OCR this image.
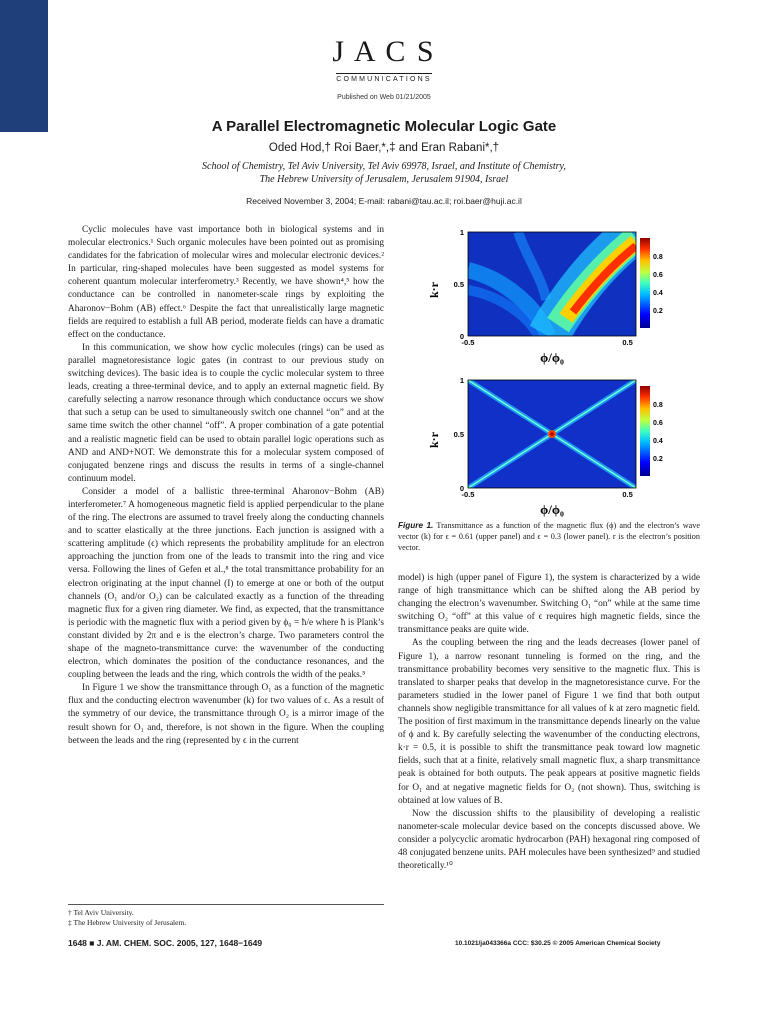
J A C S
COMMUNICATIONS
Published on Web 01/21/2005
A Parallel Electromagnetic Molecular Logic Gate
Oded Hod,† Roi Baer,*,‡ and Eran Rabani*,†
School of Chemistry, Tel Aviv University, Tel Aviv 69978, Israel, and Institute of Chemistry,
The Hebrew University of Jerusalem, Jerusalem 91904, Israel
Received November 3, 2004; E-mail: rabani@tau.ac.il; roi.baer@huji.ac.il

Cyclic molecules have vast importance both in biological systems and in molecular electronics.¹ Such organic molecules have been pointed out as promising candidates for the fabrication of molecular wires and molecular electronic devices.² In particular, ring-shaped molecules have been suggested as model systems for coherent quantum molecular interferometry.³ Recently, we have shown⁴,⁵ how the conductance can be controlled in nanometer-scale rings by exploiting the Aharonov−Bohm (AB) effect.⁶ Despite the fact that unrealistically large magnetic fields are required to establish a full AB period, moderate fields can have a dramatic effect on the conductance.

In this communication, we show how cyclic molecules (rings) can be used as parallel magnetoresistance logic gates (in contrast to our previous study on switching devices). The basic idea is to couple the cyclic molecular system to three leads, creating a three-terminal device, and to apply an external magnetic field. By carefully selecting a narrow resonance through which conductance occurs we show that such a setup can be used to simultaneously switch one channel “on” and at the same time switch the other channel “off”. A proper combination of a gate potential and a realistic magnetic field can be used to obtain parallel logic operations such as AND and AND+NOT. We demonstrate this for a molecular system composed of conjugated benzene rings and discuss the results in terms of a single-channel continuum model.

Consider a model of a ballistic three-terminal Aharonov−Bohm (AB) interferometer.⁷ A homogeneous magnetic field is applied perpendicular to the plane of the ring. The electrons are assumed to travel freely along the conducting channels and to scatter elastically at the three junctions. Each junction is assigned with a scattering amplitude (ϵ) which represents the probability amplitude for an electron approaching the junction from one of the leads to transmit into the ring and vice versa. Following the lines of Gefen et al.,⁸ the total transmittance probability for an electron originating at the input channel (I) to emerge at one or both of the output channels (O₁ and/or O₂) can be calculated exactly as a function of the threading magnetic flux for a given ring diameter. We find, as expected, that the transmittance is periodic with the magnetic flux with a period given by ϕ₀ = ħ/e where ħ is Plank’s constant divided by 2π and e is the electron’s charge. Two parameters control the shape of the magneto-transmittance curve: the wavenumber of the conducting electron, which dominates the position of the conductance resonances, and the coupling between the leads and the ring, which controls the width of the peaks.⁵

In Figure 1 we show the transmittance through O₁ as a function of the magnetic flux and the conducting electron wavenumber (k) for two values of ϵ. As a result of the symmetry of our device, the transmittance through O₂ is a mirror image of the result shown for O₁ and, therefore, is not shown in the figure. When the coupling between the leads and the ring (represented by ϵ in the current

1
0.5
0
-0.5	0.5
k·r
ϕ/ϕ₀
0.8
0.6
0.4
0.2
1
0.5
0
-0.5	0.5
k·r
ϕ/ϕ₀
0.8
0.6
0.4
0.2
Figure 1. Transmittance as a function of the magnetic flux (ϕ) and the electron’s wave vector (k) for ϵ = 0.61 (upper panel) and ϵ = 0.3 (lower panel). r is the electron’s position vector.

model) is high (upper panel of Figure 1), the system is characterized by a wide range of high transmittance which can be shifted along the AB period by changing the electron’s wavenumber. Switching O₁ “on” while at the same time switching O₂ “off” at this value of ϵ requires high magnetic fields, since the transmittance peaks are quite wide.

As the coupling between the ring and the leads decreases (lower panel of Figure 1), a narrow resonant tunneling is formed on the ring, and the transmittance probability becomes very sensitive to the magnetic flux. This is translated to sharper peaks that develop in the magnetoresistance curve. For the parameters studied in the lower panel of Figure 1 we find that both output channels show negligible transmittance for all values of k at zero magnetic field. The position of first maximum in the transmittance depends linearly on the value of ϕ and k. By carefully selecting the wavenumber of the conducting electrons, k·r = 0.5, it is possible to shift the transmittance peak toward low magnetic fields, such that at a finite, relatively small magnetic flux, a sharp transmittance peak is obtained for both outputs. The peak appears at positive magnetic fields for O₁ and at negative magnetic fields for O₂ (not shown). Thus, switching is obtained at low values of B.

Now the discussion shifts to the plausibility of developing a realistic nanometer-scale molecular device based on the concepts discussed above. We consider a polycyclic aromatic hydrocarbon (PAH) hexagonal ring composed of 48 conjugated benzene units. PAH molecules have been synthesized⁹ and studied theoretically.¹⁰

† Tel Aviv University.
‡ The Hebrew University of Jerusalem.
1648 ■ J. AM. CHEM. SOC. 2005, 127, 1648−1649	10.1021/ja043366a CCC: $30.25 © 2005 American Chemical Society
